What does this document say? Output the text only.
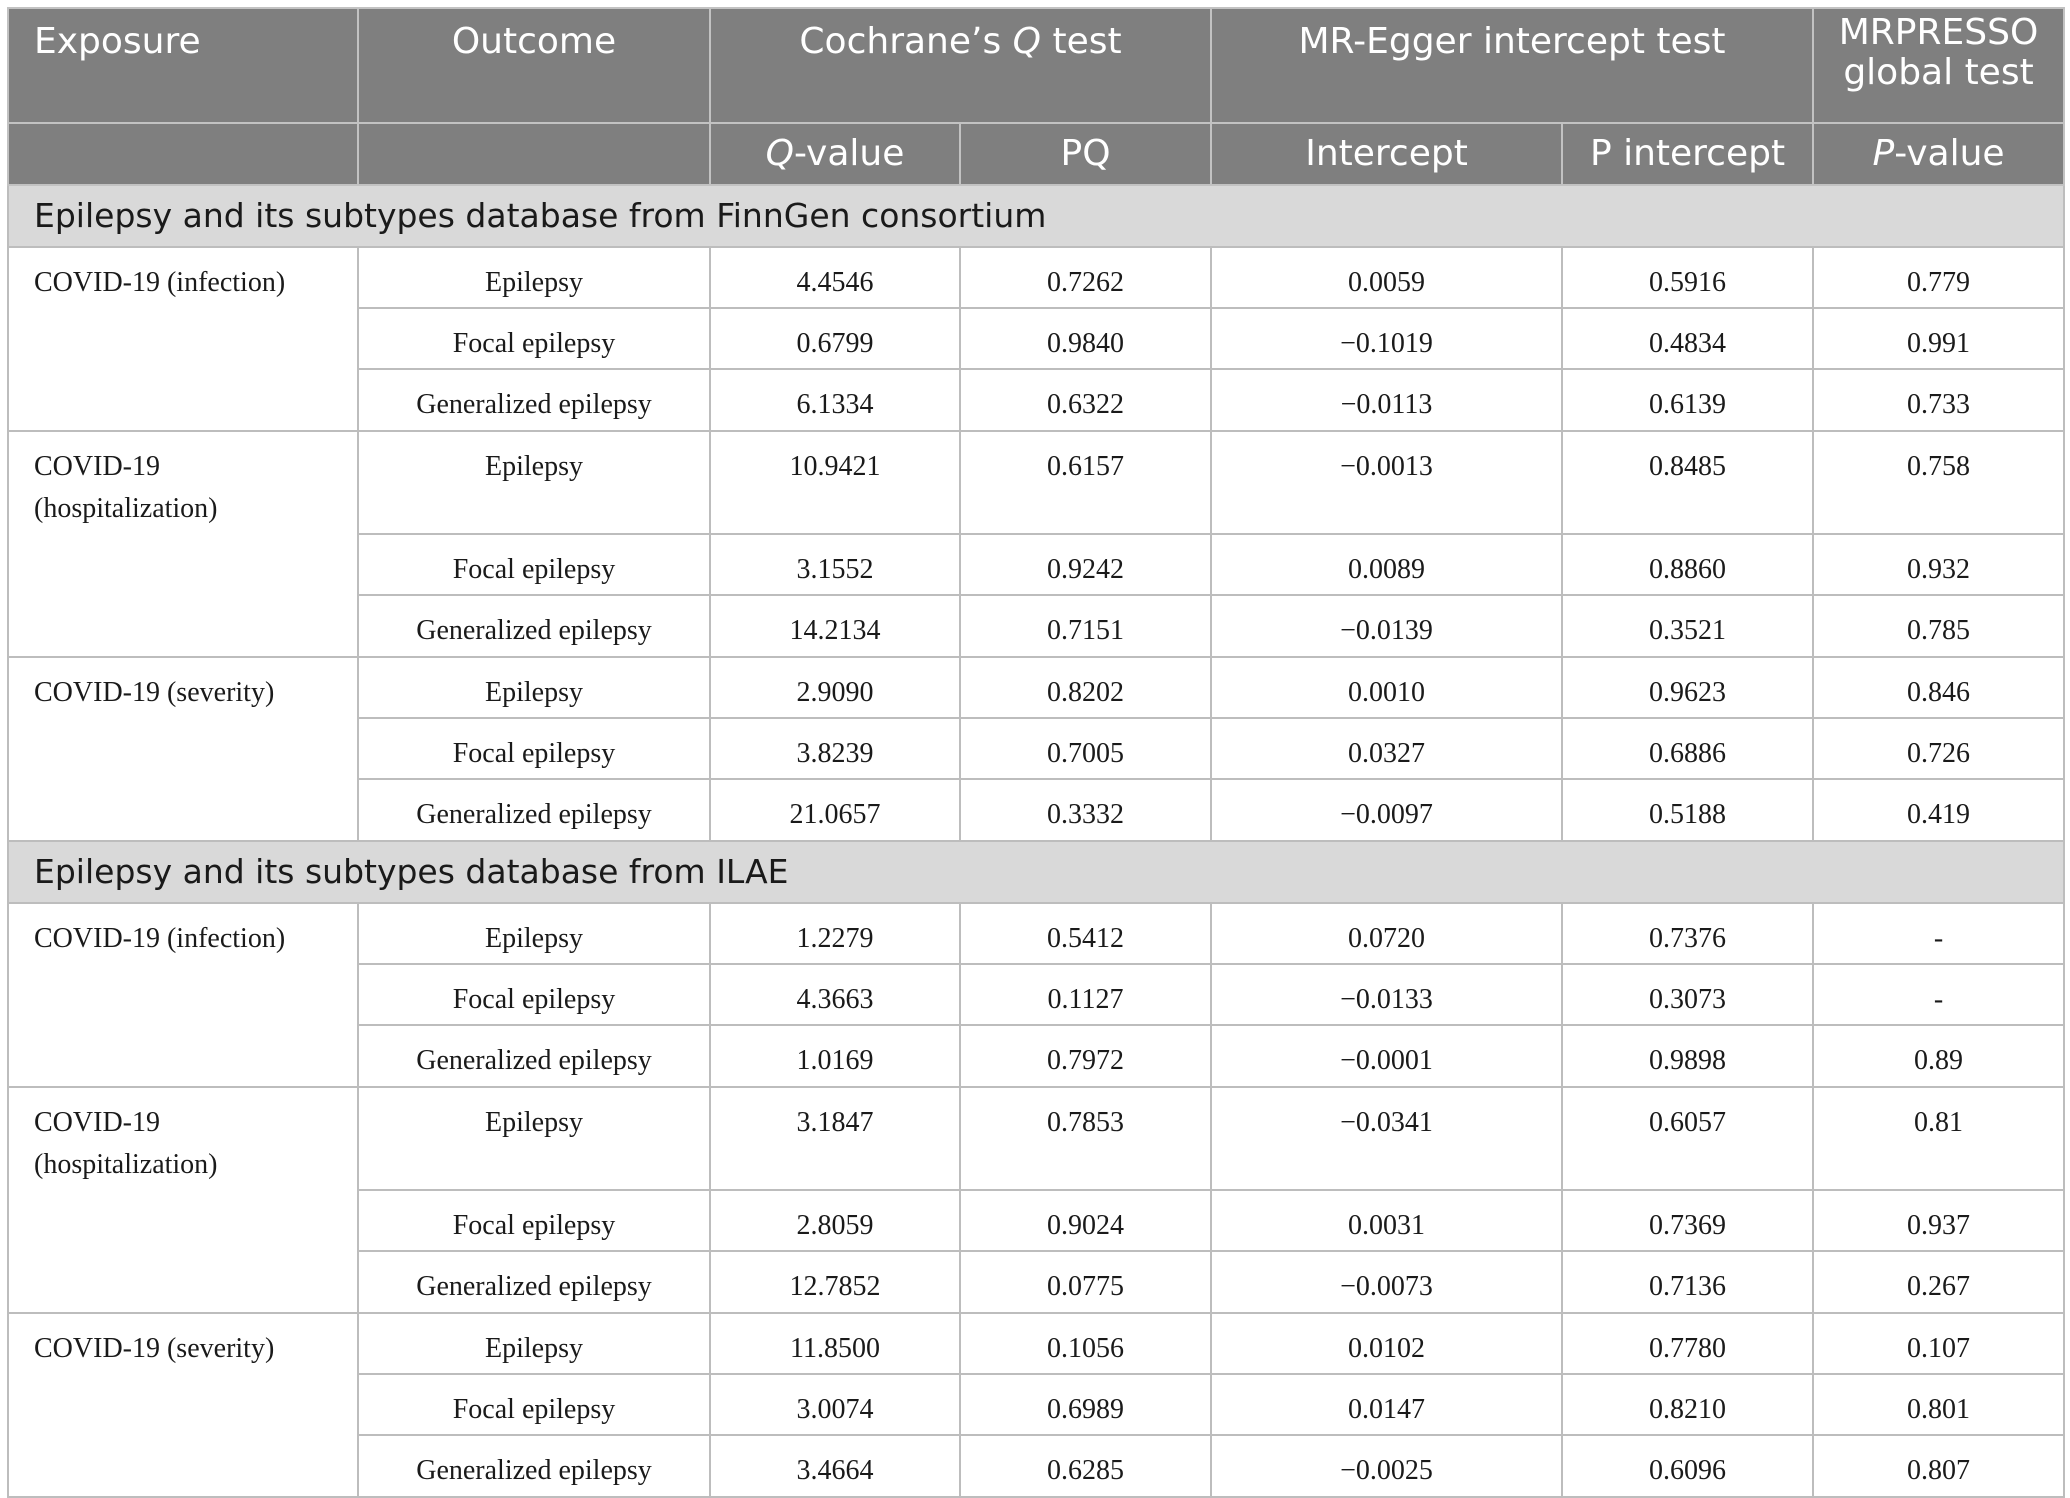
Exposure	Outcome	Cochrane’s Q test		MR-Egger intercept test		MRPRESSO global test
		Q-value	PQ	Intercept	P intercept	P-value
Epilepsy and its subtypes database from FinnGen consortium						
COVID-19 (infection)	Epilepsy	4.4546	0.7262	0.0059	0.5916	0.779
	Focal epilepsy	0.6799	0.9840	−0.1019	0.4834	0.991
	Generalized epilepsy	6.1334	0.6322	−0.0113	0.6139	0.733
COVID-19 (hospitalization)	Epilepsy	10.9421	0.6157	−0.0013	0.8485	0.758
	Focal epilepsy	3.1552	0.9242	0.0089	0.8860	0.932
	Generalized epilepsy	14.2134	0.7151	−0.0139	0.3521	0.785
COVID-19 (severity)	Epilepsy	2.9090	0.8202	0.0010	0.9623	0.846
	Focal epilepsy	3.8239	0.7005	0.0327	0.6886	0.726
	Generalized epilepsy	21.0657	0.3332	−0.0097	0.5188	0.419
Epilepsy and its subtypes database from ILAE						
COVID-19 (infection)	Epilepsy	1.2279	0.5412	0.0720	0.7376	-
	Focal epilepsy	4.3663	0.1127	−0.0133	0.3073	-
	Generalized epilepsy	1.0169	0.7972	−0.0001	0.9898	0.89
COVID-19 (hospitalization)	Epilepsy	3.1847	0.7853	−0.0341	0.6057	0.81
	Focal epilepsy	2.8059	0.9024	0.0031	0.7369	0.937
	Generalized epilepsy	12.7852	0.0775	−0.0073	0.7136	0.267
COVID-19 (severity)	Epilepsy	11.8500	0.1056	0.0102	0.7780	0.107
	Focal epilepsy	3.0074	0.6989	0.0147	0.8210	0.801
	Generalized epilepsy	3.4664	0.6285	−0.0025	0.6096	0.807
